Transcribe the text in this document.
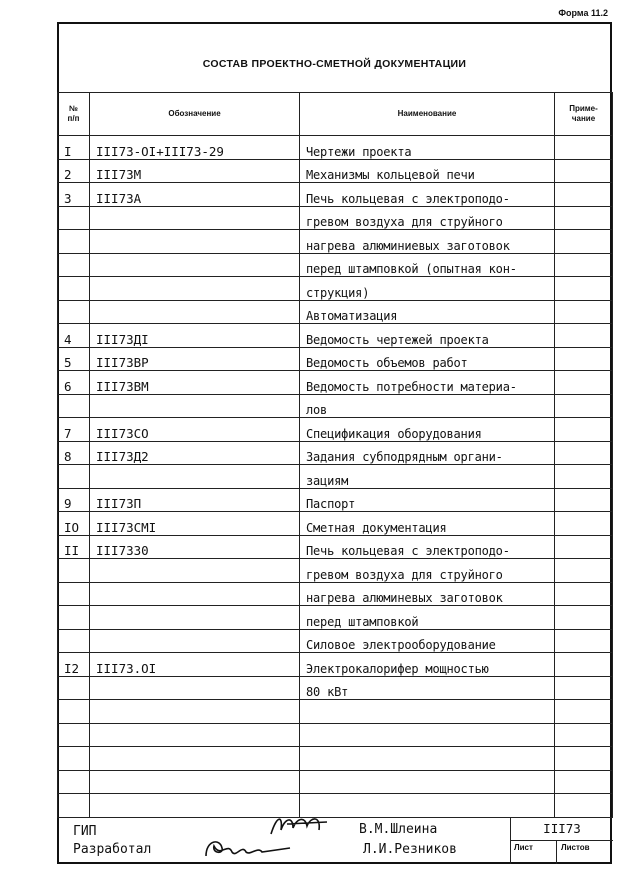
Форма 11.2
СОСТАВ ПРОЕКТНО-СМЕТНОЙ ДОКУМЕНТАЦИИ
№
п/п	Обозначение	Наименование	Приме-
чание
I	III73-OI+III73-29	Чертежи проекта	
2	III73M	Механизмы кольцевой печи	
3	III73A	Печь кольцевая с электроподо-	
		гревом воздуха для струйного	
		нагрева алюминиевых заготовок	
		перед штамповкой (опытная кон-	
		струкция)	
		Автоматизация	
4	III73ДI	Ведомость чертежей проекта	
5	III73BP	Ведомость объемов работ	
6	III73BM	Ведомость потребности материа-	
		лов	
7	III73CO	Спецификация оборудования	
8	III73Д2	Задания субподрядным органи-	
		зациям	
9	III73П	Паспорт	
IO	III73CMI	Сметная документация	
II	III7330	Печь кольцевая с электроподо-	
		гревом воздуха для струйного	
		нагрева алюминевых заготовок	
		перед штамповкой	
		Силовое электрооборудование	
I2	III73.OI	Электрокалорифер мощностью	
		80 кВт	

ГИП
Разработал
В.М.Шлеина
Л.И.Резников
III73
Лист	Листов
